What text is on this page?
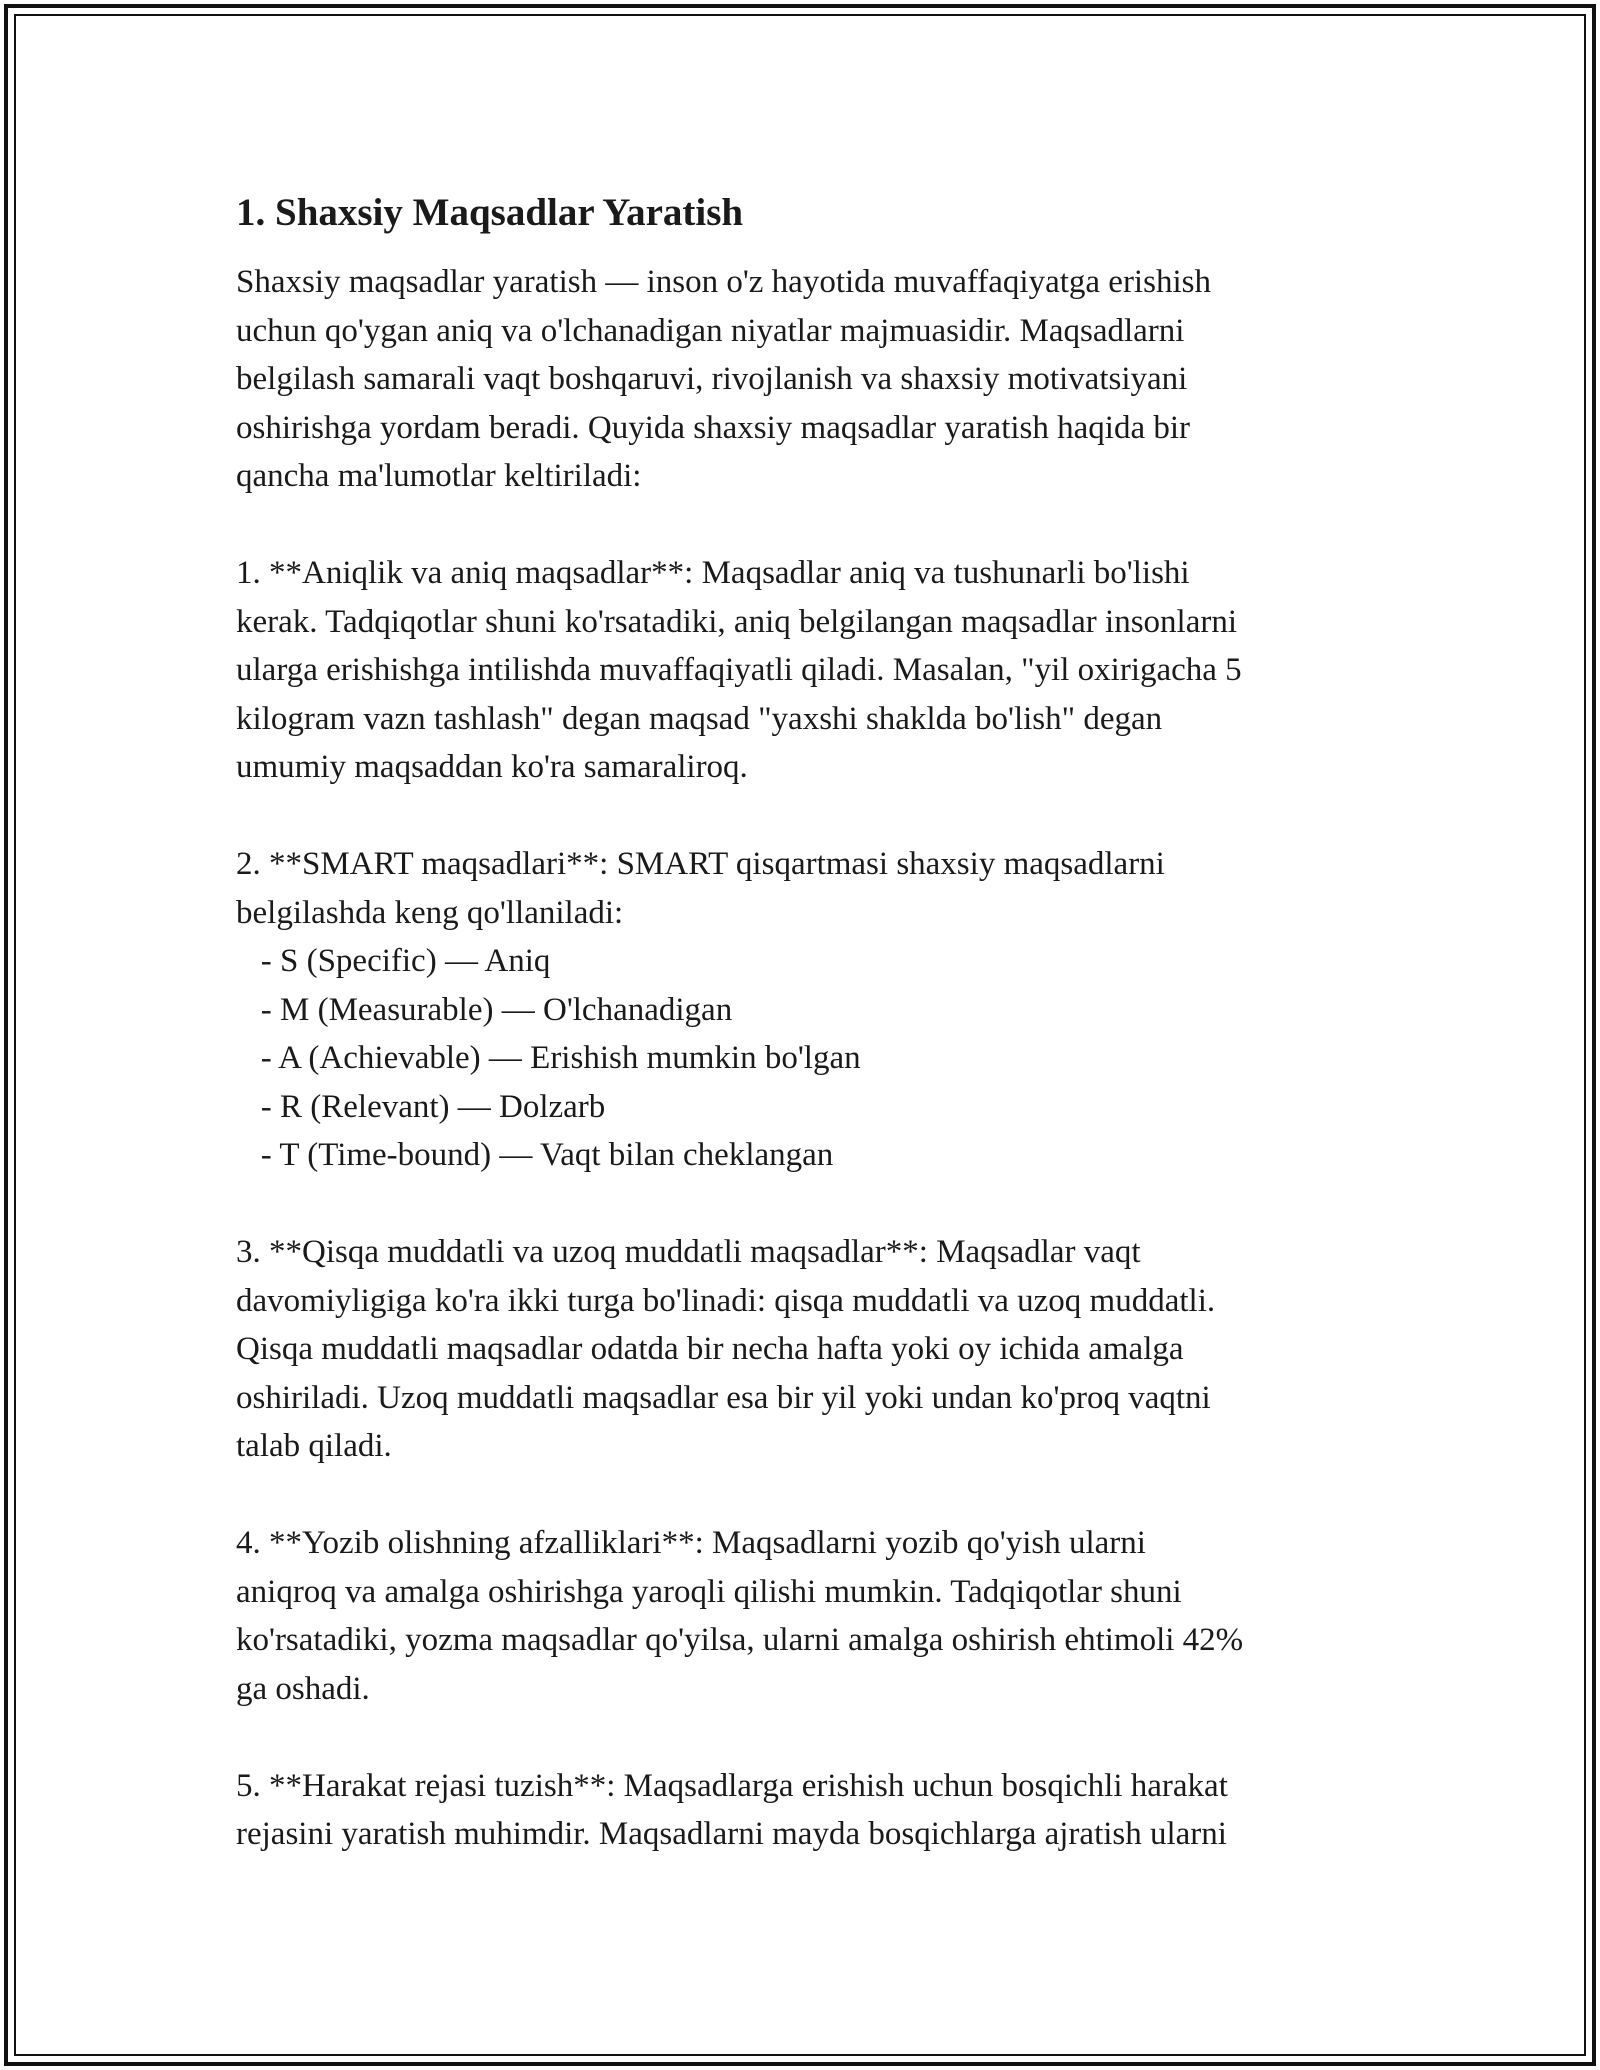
1. Shaxsiy Maqsadlar Yaratish
Shaxsiy maqsadlar yaratish — inson o'z hayotida muvaffaqiyatga erishish
uchun qo'ygan aniq va o'lchanadigan niyatlar majmuasidir. Maqsadlarni
belgilash samarali vaqt boshqaruvi, rivojlanish va shaxsiy motivatsiyani
oshirishga yordam beradi. Quyida shaxsiy maqsadlar yaratish haqida bir
qancha ma'lumotlar keltiriladi:

1. **Aniqlik va aniq maqsadlar**: Maqsadlar aniq va tushunarli bo'lishi
kerak. Tadqiqotlar shuni ko'rsatadiki, aniq belgilangan maqsadlar insonlarni
ularga erishishga intilishda muvaffaqiyatli qiladi. Masalan, "yil oxirigacha 5
kilogram vazn tashlash" degan maqsad "yaxshi shaklda bo'lish" degan
umumiy maqsaddan ko'ra samaraliroq.

2. **SMART maqsadlari**: SMART qisqartmasi shaxsiy maqsadlarni
belgilashda keng qo'llaniladi:
- S (Specific) — Aniq
- M (Measurable) — O'lchanadigan
- A (Achievable) — Erishish mumkin bo'lgan
- R (Relevant) — Dolzarb
- T (Time-bound) — Vaqt bilan cheklangan

3. **Qisqa muddatli va uzoq muddatli maqsadlar**: Maqsadlar vaqt
davomiyligiga ko'ra ikki turga bo'linadi: qisqa muddatli va uzoq muddatli.
Qisqa muddatli maqsadlar odatda bir necha hafta yoki oy ichida amalga
oshiriladi. Uzoq muddatli maqsadlar esa bir yil yoki undan ko'proq vaqtni
talab qiladi.

4. **Yozib olishning afzalliklari**: Maqsadlarni yozib qo'yish ularni
aniqroq va amalga oshirishga yaroqli qilishi mumkin. Tadqiqotlar shuni
ko'rsatadiki, yozma maqsadlar qo'yilsa, ularni amalga oshirish ehtimoli 42%
ga oshadi.

5. **Harakat rejasi tuzish**: Maqsadlarga erishish uchun bosqichli harakat
rejasini yaratish muhimdir. Maqsadlarni mayda bosqichlarga ajratish ularni
